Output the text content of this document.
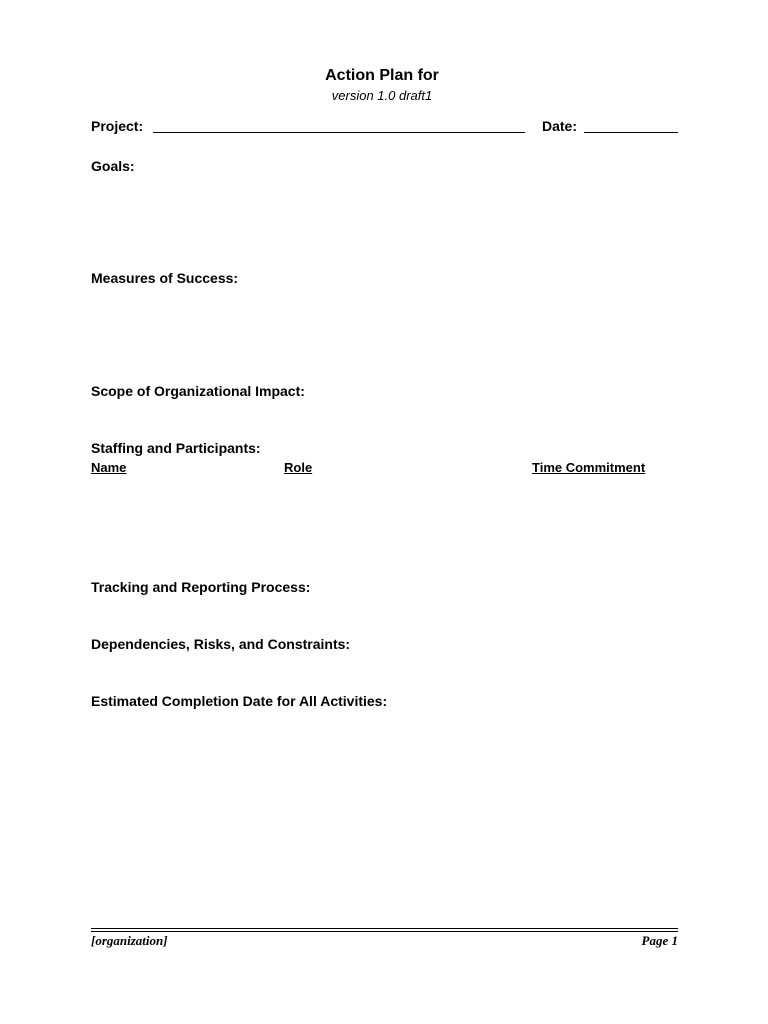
Action Plan for
version 1.0 draft1
Project:	Date:
Goals:
Measures of Success:
Scope of Organizational Impact:
Staffing and Participants:
Name	Role	Time Commitment
Tracking and Reporting Process:
Dependencies, Risks, and Constraints:
Estimated Completion Date for All Activities:
[organization]	Page 1
